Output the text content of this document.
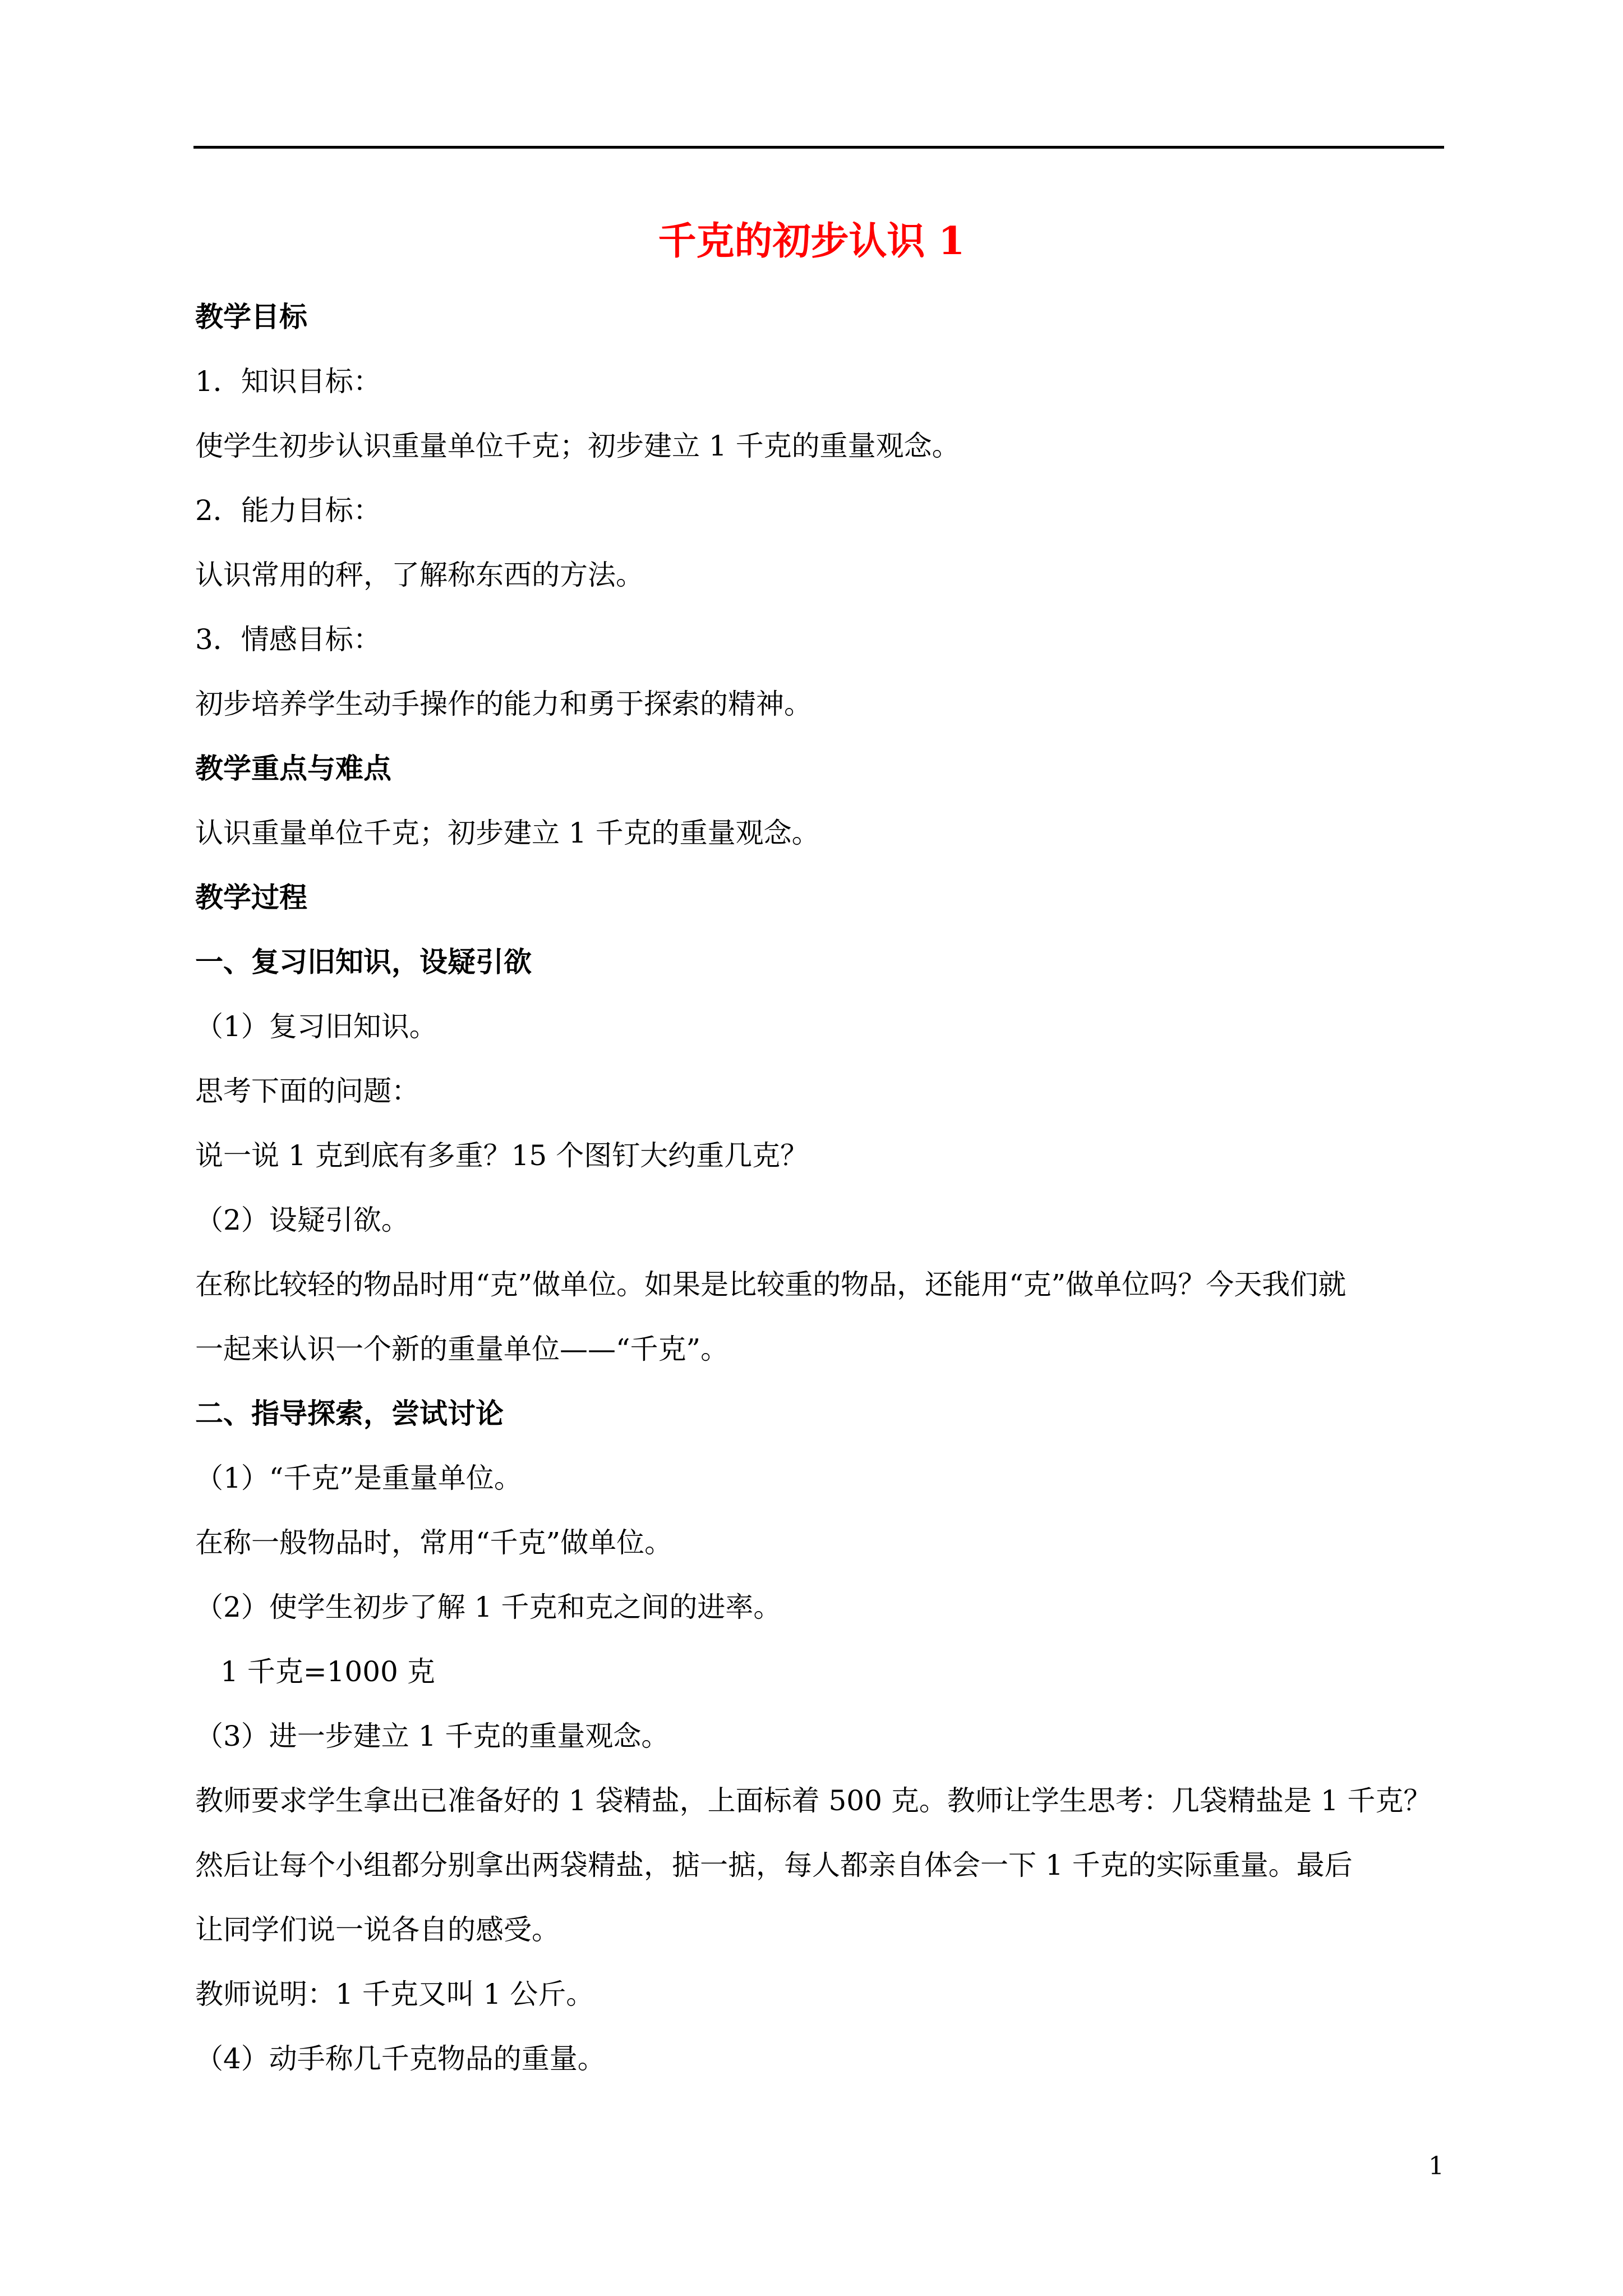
千克的初步认识 1
教学目标
1．知识目标：
使学生初步认识重量单位千克；初步建立 1 千克的重量观念。
2．能力目标：
认识常用的秤，了解称东西的方法。
3．情感目标：
初步培养学生动手操作的能力和勇于探索的精神。
教学重点与难点
认识重量单位千克；初步建立 1 千克的重量观念。
教学过程
一、复习旧知识，设疑引欲
（1）复习旧知识。
思考下面的问题：
说一说 1 克到底有多重？15 个图钉大约重几克？
（2）设疑引欲。
在称比较轻的物品时用“克”做单位。如果是比较重的物品，还能用“克”做单位吗？今天我们就
一起来认识一个新的重量单位——“千克”。
二、指导探索，尝试讨论
（1）“千克”是重量单位。
在称一般物品时，常用“千克”做单位。
（2）使学生初步了解 1 千克和克之间的进率。
1 千克=1000 克
（3）进一步建立 1 千克的重量观念。
教师要求学生拿出已准备好的 1 袋精盐，上面标着 500 克。教师让学生思考：几袋精盐是 1 千克？
然后让每个小组都分别拿出两袋精盐，掂一掂，每人都亲自体会一下 1 千克的实际重量。最后
让同学们说一说各自的感受。
教师说明：1 千克又叫 1 公斤。
（4）动手称几千克物品的重量。
1
